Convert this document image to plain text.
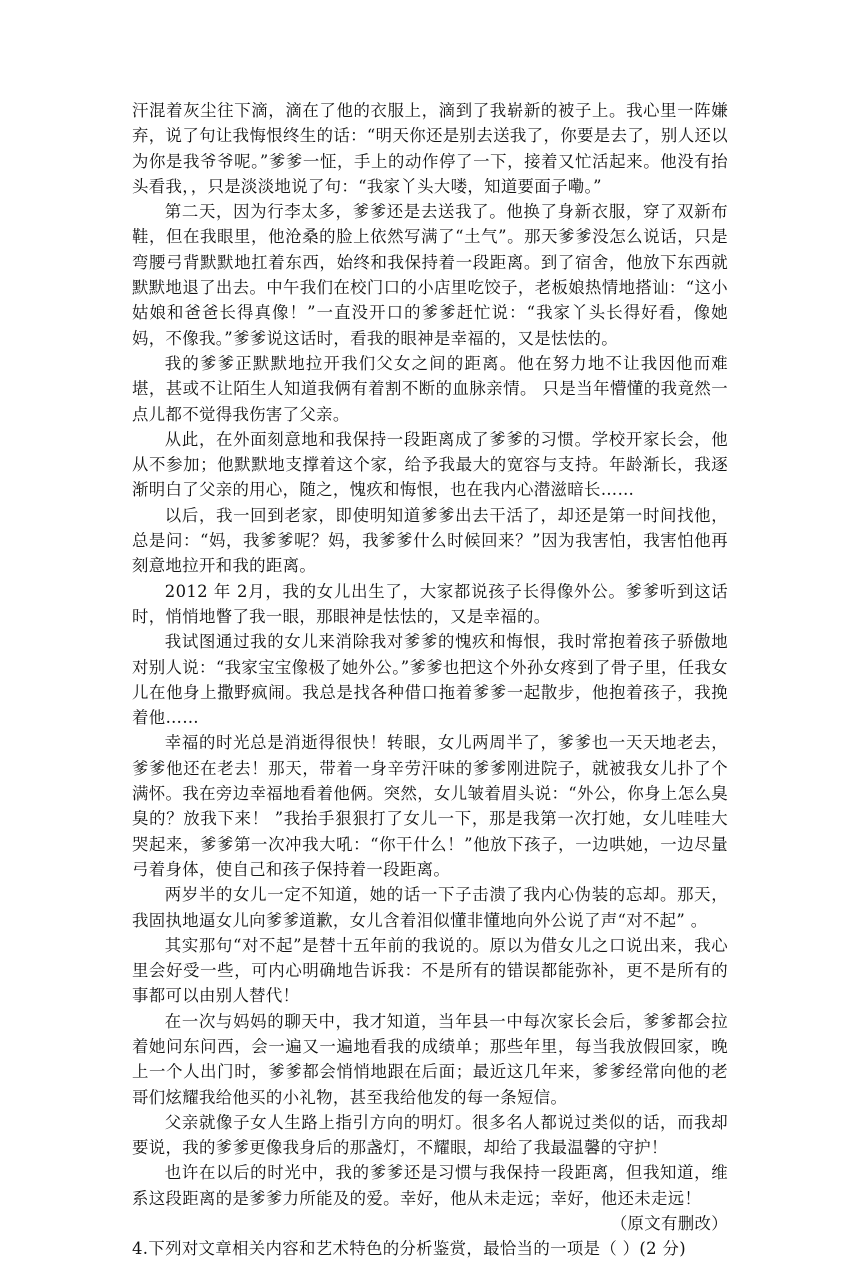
汗混着灰尘往下滴，滴在了他的衣服上，滴到了我崭新的被子上。我心里一阵嫌弃，说了句让我悔恨终生的话：“明天你还是别去送我了，你要是去了，别人还以为你是我爷爷呢。”爹爹一怔，手上的动作停了一下，接着又忙活起来。他没有抬头看我，，只是淡淡地说了句：“我家丫头大喽，知道要面子嘞。”

第二天，因为行李太多，爹爹还是去送我了。他换了身新衣服，穿了双新布鞋，但在我眼里，他沧桑的脸上依然写满了“土气”。那天爹爹没怎么说话，只是弯腰弓背默默地扛着东西，始终和我保持着一段距离。到了宿舍，他放下东西就默默地退了出去。中午我们在校门口的小店里吃饺子，老板娘热情地搭讪：“这小姑娘和爸爸长得真像！”一直没开口的爹爹赶忙说：“我家丫头长得好看，像她妈，不像我。”爹爹说这话时，看我的眼神是幸福的，又是怯怯的。

我的爹爹正默默地拉开我们父女之间的距离。他在努力地不让我因他而难堪，甚或不让陌生人知道我俩有着割不断的血脉亲情。 只是当年懵懂的我竟然一点儿都不觉得我伤害了父亲。

从此，在外面刻意地和我保持一段距离成了爹爹的习惯。学校开家长会，他从不参加；他默默地支撑着这个家，给予我最大的宽容与支持。年龄渐长，我逐渐明白了父亲的用心，随之，愧疚和悔恨，也在我内心潜滋暗长……

以后，我一回到老家，即使明知道爹爹出去干活了，却还是第一时间找他，总是问：“妈，我爹爹呢？妈，我爹爹什么时候回来？”因为我害怕，我害怕他再刻意地拉开和我的距离。

2012 年 2月，我的女儿出生了，大家都说孩子长得像外公。爹爹听到这话时，悄悄地瞥了我一眼，那眼神是怯怯的，又是幸福的。

我试图通过我的女儿来消除我对爹爹的愧疚和悔恨，我时常抱着孩子骄傲地对别人说：“我家宝宝像极了她外公。”爹爹也把这个外孙女疼到了骨子里，任我女儿在他身上撒野疯闹。我总是找各种借口拖着爹爹一起散步，他抱着孩子，我挽着他……

幸福的时光总是消逝得很快！转眼，女儿两周半了，爹爹也一天天地老去，爹爹他还在老去！那天，带着一身辛劳汗味的爹爹刚进院子，就被我女儿扑了个满怀。我在旁边幸福地看着他俩。突然，女儿皱着眉头说：“外公，你身上怎么臭臭的？放我下来！ ”我抬手狠狠打了女儿一下，那是我第一次打她，女儿哇哇大哭起来，爹爹第一次冲我大吼：“你干什么！”他放下孩子，一边哄她，一边尽量弓着身体，使自己和孩子保持着一段距离。

两岁半的女儿一定不知道，她的话一下子击溃了我内心伪装的忘却。那天，我固执地逼女儿向爹爹道歉，女儿含着泪似懂非懂地向外公说了声“对不起” 。

其实那句“对不起”是替十五年前的我说的。原以为借女儿之口说出来，我心里会好受一些，可内心明确地告诉我：不是所有的错误都能弥补，更不是所有的事都可以由别人替代！

在一次与妈妈的聊天中，我才知道，当年县一中每次家长会后，爹爹都会拉着她问东问西，会一遍又一遍地看我的成绩单；那些年里，每当我放假回家，晚上一个人出门时，爹爹都会悄悄地跟在后面；最近这几年来，爹爹经常向他的老哥们炫耀我给他买的小礼物，甚至我给他发的每一条短信。

父亲就像子女人生路上指引方向的明灯。很多名人都说过类似的话，而我却要说，我的爹爹更像我身后的那盏灯，不耀眼，却给了我最温馨的守护！

也许在以后的时光中，我的爹爹还是习惯与我保持一段距离，但我知道，维系这段距离的是爹爹力所能及的爱。幸好，他从未走远；幸好，他还未走远！

（原文有删改）

4.下列对文章相关内容和艺术特色的分析鉴赏，最恰当的一项是（ ）(2 分)
